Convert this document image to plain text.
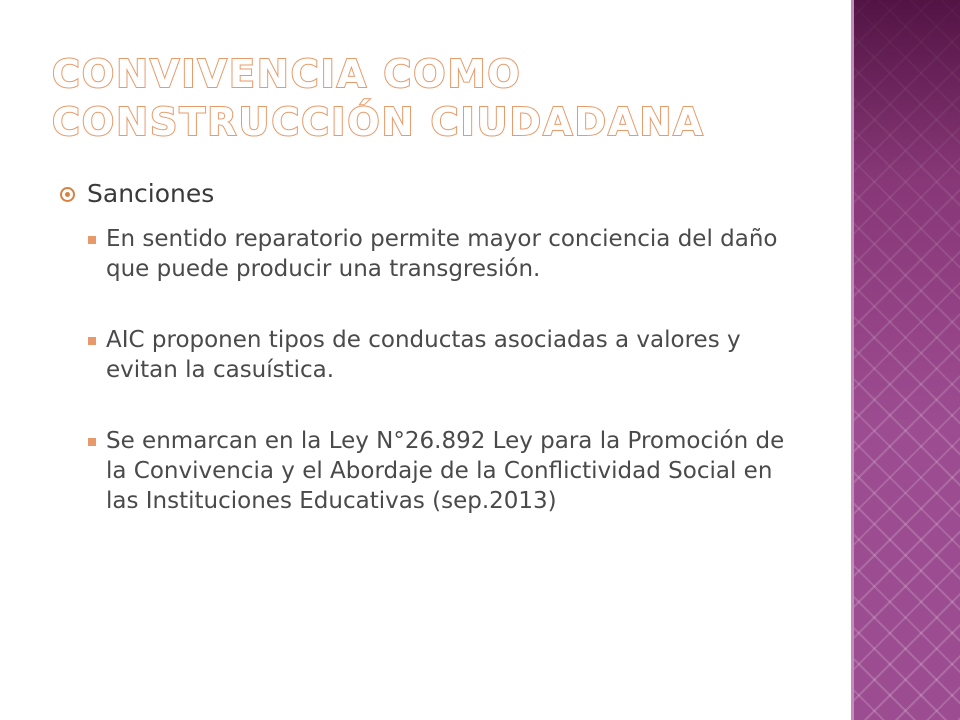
CONVIVENCIA COMO
CONSTRUCCIÓN CIUDADANA
Sanciones
En sentido reparatorio permite mayor conciencia del daño que puede producir una transgresión.
AIC proponen tipos de conductas asociadas a valores y evitan la casuística.
Se enmarcan en la Ley N°26.892 Ley para la Promoción de la Convivencia y el Abordaje de la Conflictividad Social en las Instituciones Educativas (sep.2013)
